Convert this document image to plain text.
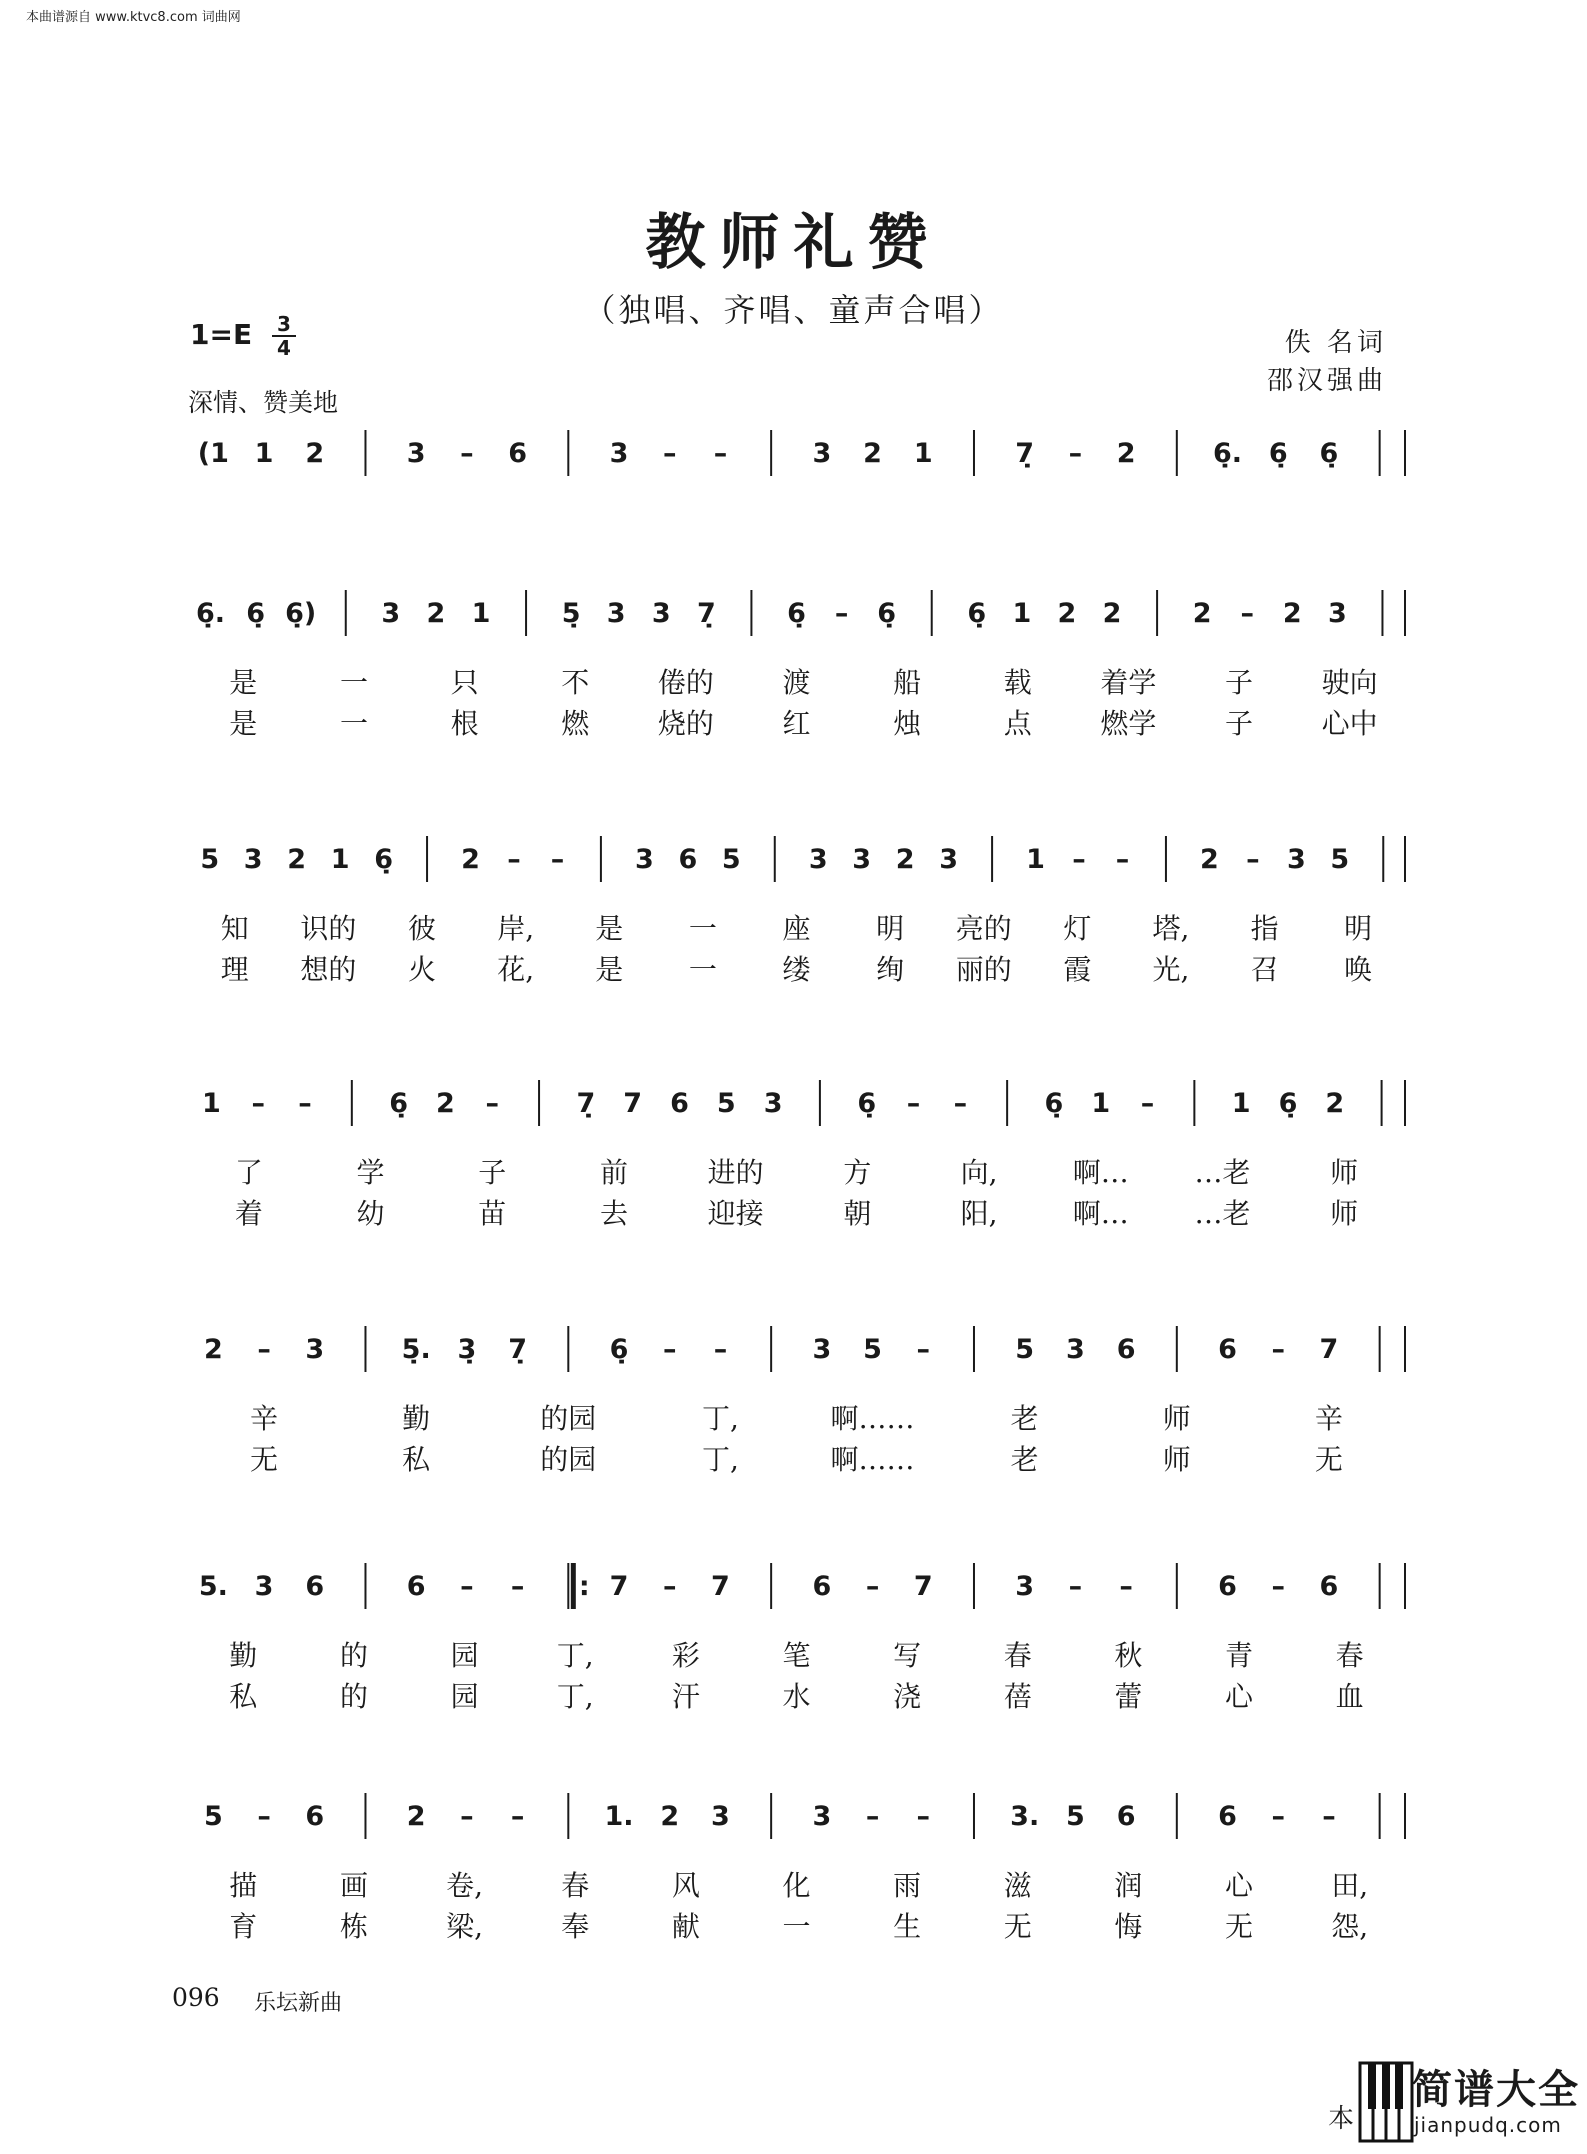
本曲谱源自 www.ktvc8.com 词曲网
教师礼赞
（独唱、齐唱、童声合唱）
1=E	3
4
深情、赞美地
佚 名词
邵汉强曲
(1 1 2	3 – 6	3 – –	3 2 1	7̣ – 2	6̣. 6̣ 6̣
6̣. 6̣ 6̣) 3 2 1	5̣ 3 3 7̣	6̣ – 6̣	6̣ 1 2 2	2 – 2 3
是	一	只	不 倦的 渡	船	载 着学 子 驶向
是	一	根	燃 烧的 红	烛	点 燃学 子 心中
5 3 2 1 6̣	2 – –	3 6 5	3 3 2 3	1 – –	2 – 3 5
知 识的 彼 岸, 是 一 座 明 亮的 灯 塔, 指 明
理 想的 火 花, 是 一 缕 绚 丽的 霞 光, 召 唤
1 – –	6̣ 2 –	7̣ 7 6 5 3	6̣ – –	6̣ 1 –	1 6̣ 2
了	学	子	前	进的	方	向,	啊… …老	师
着	幼	苗	去	迎接	朝	阳,	啊… …老	师
2 – 3	5̣. 3̣ 7̣	6̣ – –	3 5 –	5 3 6	6 – 7
辛	勤	的园	丁,	啊……	老	师	辛
无	私	的园	丁,	啊……	老	师	无
5. 3 6	6 – – : 7 – 7	6 – 7	3 – –	6 – 6
勤	的	园	丁,	彩	笔	写	春	秋	青	春
私	的	园	丁,	汗	水	浇	蓓	蕾	心	血
5 – 6	2 – –	1. 2 3	3 – –	3. 5 6	6 – –
描	画	卷,	春	风	化	雨	滋	润	心	田,
育	栋	梁,	奉	献	一	生	无	悔	无	怨,
096 乐坛新曲
简谱大全
jianpudq.com
本
